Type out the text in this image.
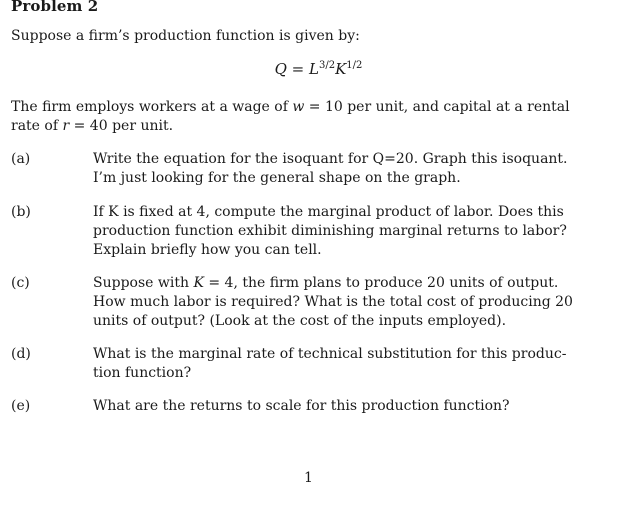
Problem 2
Suppose a firm’s production function is given by:
$Q = L^{3/2}K^{1/2}$
The firm employs workers at a wage of w = 10 per unit, and capital at a rental
rate of r = 40 per unit.
(a)	Write the equation for the isoquant for Q=20. Graph this isoquant.
I’m just looking for the general shape on the graph.
(b)	If K is fixed at 4, compute the marginal product of labor. Does this
production function exhibit diminishing marginal returns to labor?
Explain briefly how you can tell.
(c)	Suppose with K = 4, the firm plans to produce 20 units of output.
How much labor is required? What is the total cost of producing 20
units of output? (Look at the cost of the inputs employed).
(d)	What is the marginal rate of technical substitution for this produc-
tion function?
(e)	What are the returns to scale for this production function?
1
